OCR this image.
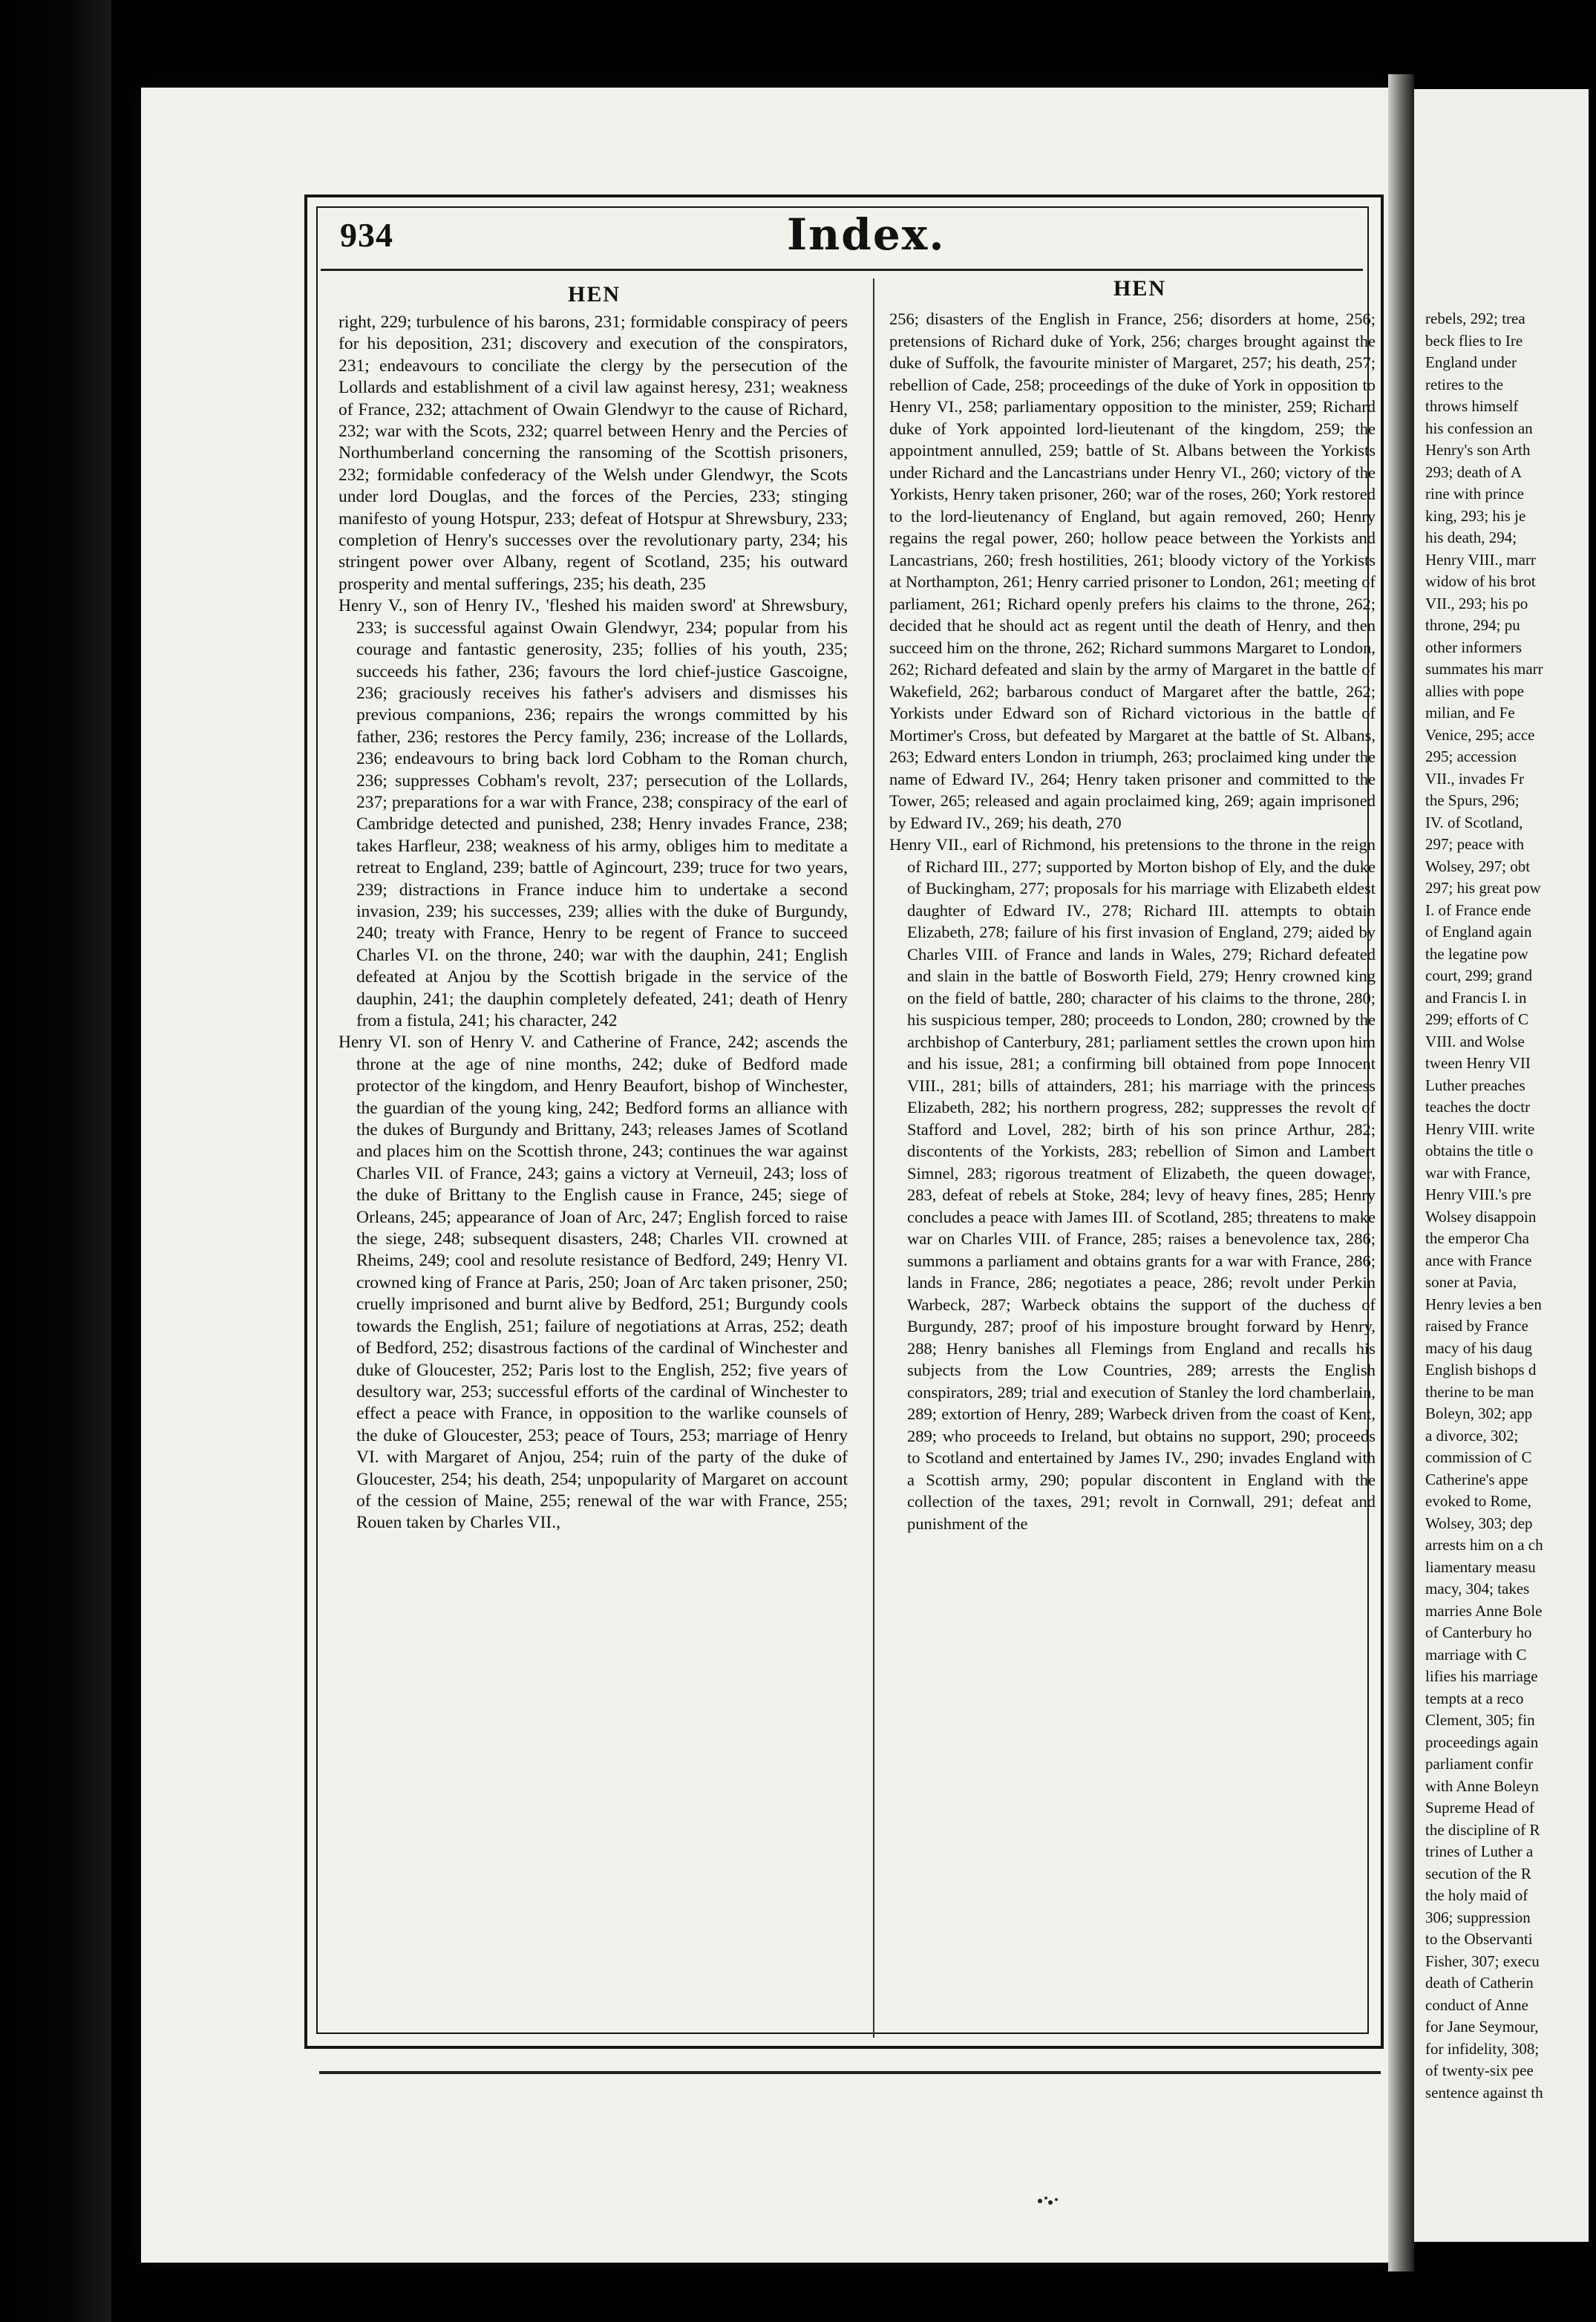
934	Index.
HEN	HEN

right, 229; turbulence of his barons, 231; formidable conspiracy of peers for his deposition, 231; discovery and execution of the conspirators, 231; endeavours to conciliate the clergy by the persecution of the Lollards and establishment of a civil law against heresy, 231; weakness of France, 232; attachment of Owain Glendwyr to the cause of Richard, 232; war with the Scots, 232; quarrel between Henry and the Percies of Northumberland concerning the ransoming of the Scottish prisoners, 232; formidable confederacy of the Welsh under Glendwyr, the Scots under lord Douglas, and the forces of the Percies, 233; stinging manifesto of young Hotspur, 233; defeat of Hotspur at Shrewsbury, 233; completion of Henry's successes over the revolutionary party, 234; his stringent power over Albany, regent of Scotland, 235; his outward prosperity and mental sufferings, 235; his death, 235

Henry V., son of Henry IV., 'fleshed his maiden sword' at Shrewsbury, 233; is successful against Owain Glendwyr, 234; popular from his courage and fantastic generosity, 235; follies of his youth, 235; succeeds his father, 236; favours the lord chief-justice Gascoigne, 236; graciously receives his father's advisers and dismisses his previous companions, 236; repairs the wrongs committed by his father, 236; restores the Percy family, 236; increase of the Lollards, 236; endeavours to bring back lord Cobham to the Roman church, 236; suppresses Cobham's revolt, 237; persecution of the Lollards, 237; preparations for a war with France, 238; conspiracy of the earl of Cambridge detected and punished, 238; Henry invades France, 238; takes Harfleur, 238; weakness of his army, obliges him to meditate a retreat to England, 239; battle of Agincourt, 239; truce for two years, 239; distractions in France induce him to undertake a second invasion, 239; his successes, 239; allies with the duke of Burgundy, 240; treaty with France, Henry to be regent of France to succeed Charles VI. on the throne, 240; war with the dauphin, 241; English defeated at Anjou by the Scottish brigade in the service of the dauphin, 241; the dauphin completely defeated, 241; death of Henry from a fistula, 241; his character, 242

Henry VI. son of Henry V. and Catherine of France, 242; ascends the throne at the age of nine months, 242; duke of Bedford made protector of the kingdom, and Henry Beaufort, bishop of Winchester, the guardian of the young king, 242; Bedford forms an alliance with the dukes of Burgundy and Brittany, 243; releases James of Scotland and places him on the Scottish throne, 243; continues the war against Charles VII. of France, 243; gains a victory at Verneuil, 243; loss of the duke of Brittany to the English cause in France, 245; siege of Orleans, 245; appearance of Joan of Arc, 247; English forced to raise the siege, 248; subsequent disasters, 248; Charles VII. crowned at Rheims, 249; cool and resolute resistance of Bedford, 249; Henry VI. crowned king of France at Paris, 250; Joan of Arc taken prisoner, 250; cruelly imprisoned and burnt alive by Bedford, 251; Burgundy cools towards the English, 251; failure of negotiations at Arras, 252; death of Bedford, 252; disastrous factions of the cardinal of Winchester and duke of Gloucester, 252; Paris lost to the English, 252; five years of desultory war, 253; successful efforts of the cardinal of Winchester to effect a peace with France, in opposition to the warlike counsels of the duke of Gloucester, 253; peace of Tours, 253; marriage of Henry VI. with Margaret of Anjou, 254; ruin of the party of the duke of Gloucester, 254; his death, 254; unpopularity of Margaret on account of the cession of Maine, 255; renewal of the war with France, 255; Rouen taken by Charles VII.,

256; disasters of the English in France, 256; disorders at home, 256; pretensions of Richard duke of York, 256; charges brought against the duke of Suffolk, the favourite minister of Margaret, 257; his death, 257; rebellion of Cade, 258; proceedings of the duke of York in opposition to Henry VI., 258; parliamentary opposition to the minister, 259; Richard duke of York appointed lord-lieutenant of the kingdom, 259; the appointment annulled, 259; battle of St. Albans between the Yorkists under Richard and the Lancastrians under Henry VI., 260; victory of the Yorkists, Henry taken prisoner, 260; war of the roses, 260; York restored to the lord-lieutenancy of England, but again removed, 260; Henry regains the regal power, 260; hollow peace between the Yorkists and Lancastrians, 260; fresh hostilities, 261; bloody victory of the Yorkists at Northampton, 261; Henry carried prisoner to London, 261; meeting of parliament, 261; Richard openly prefers his claims to the throne, 262; decided that he should act as regent until the death of Henry, and then succeed him on the throne, 262; Richard summons Margaret to London, 262; Richard defeated and slain by the army of Margaret in the battle of Wakefield, 262; barbarous conduct of Margaret after the battle, 262; Yorkists under Edward son of Richard victorious in the battle of Mortimer's Cross, but defeated by Margaret at the battle of St. Albans, 263; Edward enters London in triumph, 263; proclaimed king under the name of Edward IV., 264; Henry taken prisoner and committed to the Tower, 265; released and again proclaimed king, 269; again imprisoned by Edward IV., 269; his death, 270

Henry VII., earl of Richmond, his pretensions to the throne in the reign of Richard III., 277; supported by Morton bishop of Ely, and the duke of Buckingham, 277; proposals for his marriage with Elizabeth eldest daughter of Edward IV., 278; Richard III. attempts to obtain Elizabeth, 278; failure of his first invasion of England, 279; aided by Charles VIII. of France and lands in Wales, 279; Richard defeated and slain in the battle of Bosworth Field, 279; Henry crowned king on the field of battle, 280; character of his claims to the throne, 280; his suspicious temper, 280; proceeds to London, 280; crowned by the archbishop of Canterbury, 281; parliament settles the crown upon him and his issue, 281; a confirming bill obtained from pope Innocent VIII., 281; bills of attainders, 281; his marriage with the princess Elizabeth, 282; his northern progress, 282; suppresses the revolt of Stafford and Lovel, 282; birth of his son prince Arthur, 282; discontents of the Yorkists, 283; rebellion of Simon and Lambert Simnel, 283; rigorous treatment of Elizabeth, the queen dowager, 283, defeat of rebels at Stoke, 284; levy of heavy fines, 285; Henry concludes a peace with James III. of Scotland, 285; threatens to make war on Charles VIII. of France, 285; raises a benevolence tax, 286; summons a parliament and obtains grants for a war with France, 286; lands in France, 286; negotiates a peace, 286; revolt under Perkin Warbeck, 287; Warbeck obtains the support of the duchess of Burgundy, 287; proof of his imposture brought forward by Henry, 288; Henry banishes all Flemings from England and recalls his subjects from the Low Countries, 289; arrests the English conspirators, 289; trial and execution of Stanley the lord chamberlain, 289; extortion of Henry, 289; Warbeck driven from the coast of Kent, 289; who proceeds to Ireland, but obtains no support, 290; proceeds to Scotland and entertained by James IV., 290; invades England with a Scottish army, 290; popular discontent in England with the collection of the taxes, 291; revolt in Cornwall, 291; defeat and punishment of the

rebels, 292; trea
beck flies to Ire
England under
retires to the
throws himself
his confession an
Henry's son Arth
293; death of A
rine with prince
king, 293; his je
his death, 294;
Henry VIII., marr
widow of his brot
VII., 293; his po
throne, 294; pu
other informers
summates his marr
allies with pope
milian, and Fe
Venice, 295; acce
295; accession
VII., invades Fr
the Spurs, 296;
IV. of Scotland,
297; peace with
Wolsey, 297; obt
297; his great pow
I. of France ende
of England again
the legatine pow
court, 299; grand
and Francis I. in
299; efforts of C
VIII. and Wolse
tween Henry VII
Luther preaches
teaches the doctr
Henry VIII. write
obtains the title o
war with France,
Henry VIII.'s pre
Wolsey disappoin
the emperor Cha
ance with France
soner at Pavia,
Henry levies a ben
raised by France
macy of his daug
English bishops d
therine to be man
Boleyn, 302; app
a divorce, 302;
commission of C
Catherine's appe
evoked to Rome,
Wolsey, 303; dep
arrests him on a ch
liamentary measu
macy, 304; takes
marries Anne Bole
of Canterbury ho
marriage with C
lifies his marriage
tempts at a reco
Clement, 305; fin
proceedings again
parliament confir
with Anne Boleyn
Supreme Head of
the discipline of R
trines of Luther a
secution of the R
the holy maid of
306; suppression
to the Observanti
Fisher, 307; execu
death of Catherin
conduct of Anne
for Jane Seymour,
for infidelity, 308;
of twenty-six pee
sentence against th
